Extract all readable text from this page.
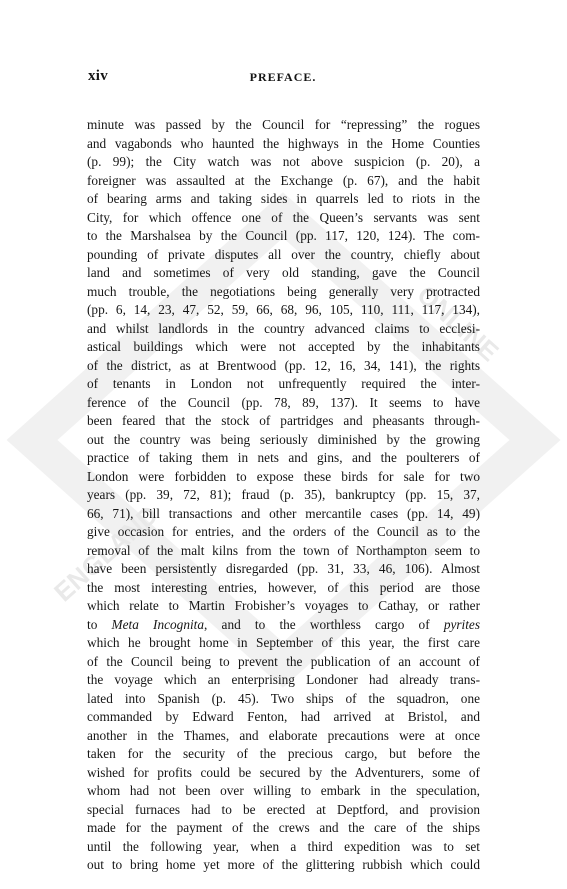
ONLINE
ENGLAND
xiv	PREFACE.
minute was passed by the Council for “repressing” the rogues
and vagabonds who haunted the highways in the Home Counties
(p. 99); the City watch was not above suspicion (p. 20), a
foreigner was assaulted at the Exchange (p. 67), and the habit
of bearing arms and taking sides in quarrels led to riots in the
City, for which offence one of the Queen’s servants was sent
to the Marshalsea by the Council (pp. 117, 120, 124). The com-
pounding of private disputes all over the country, chiefly about
land and sometimes of very old standing, gave the Council
much trouble, the negotiations being generally very protracted
(pp. 6, 14, 23, 47, 52, 59, 66, 68, 96, 105, 110, 111, 117, 134),
and whilst landlords in the country advanced claims to ecclesi-
astical buildings which were not accepted by the inhabitants
of the district, as at Brentwood (pp. 12, 16, 34, 141), the rights
of tenants in London not unfrequently required the inter-
ference of the Council (pp. 78, 89, 137). It seems to have
been feared that the stock of partridges and pheasants through-
out the country was being seriously diminished by the growing
practice of taking them in nets and gins, and the poulterers of
London were forbidden to expose these birds for sale for two
years (pp. 39, 72, 81); fraud (p. 35), bankruptcy (pp. 15, 37,
66, 71), bill transactions and other mercantile cases (pp. 14, 49)
give occasion for entries, and the orders of the Council as to the
removal of the malt kilns from the town of Northampton seem to
have been persistently disregarded (pp. 31, 33, 46, 106). Almost
the most interesting entries, however, of this period are those
which relate to Martin Frobisher’s voyages to Cathay, or rather
to Meta Incognita, and to the worthless cargo of pyrites
which he brought home in September of this year, the first care
of the Council being to prevent the publication of an account of
the voyage which an enterprising Londoner had already trans-
lated into Spanish (p. 45). Two ships of the squadron, one
commanded by Edward Fenton, had arrived at Bristol, and
another in the Thames, and elaborate precautions were at once
taken for the security of the precious cargo, but before the
wished for profits could be secured by the Adventurers, some of
whom had not been over willing to embark in the speculation,
special furnaces had to be erected at Deptford, and provision
made for the payment of the crews and the care of the ships
until the following year, when a third expedition was to set
out to bring home yet more of the glittering rubbish which could
